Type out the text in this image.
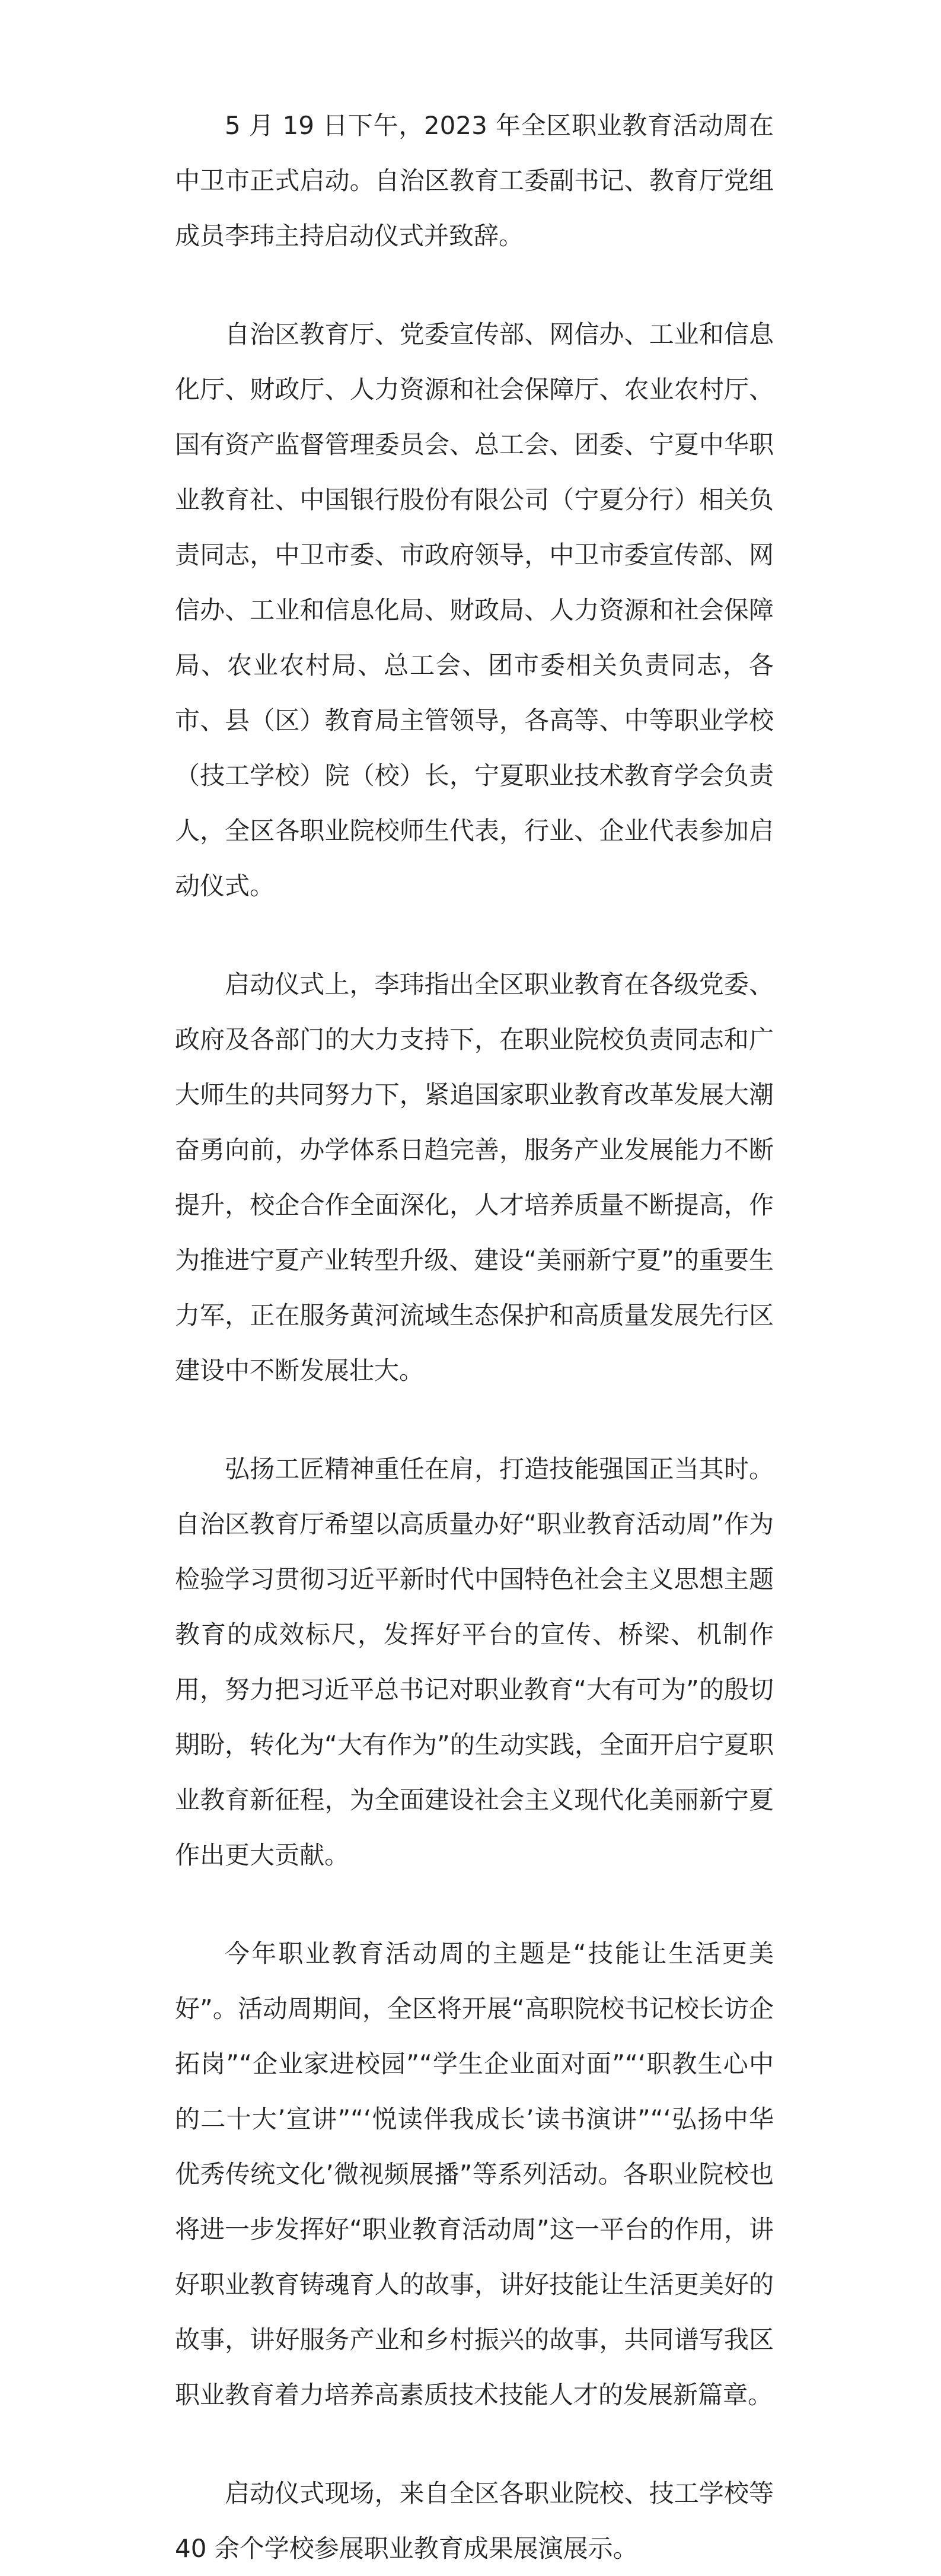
5 月 19 日下午，2023 年全区职业教育活动周在中卫市正式启动。自治区教育工委副书记、教育厅党组成员李玮主持启动仪式并致辞。

自治区教育厅、党委宣传部、网信办、工业和信息化厅、财政厅、人力资源和社会保障厅、农业农村厅、国有资产监督管理委员会、总工会、团委、宁夏中华职业教育社、中国银行股份有限公司（宁夏分行）相关负责同志，中卫市委、市政府领导，中卫市委宣传部、网信办、工业和信息化局、财政局、人力资源和社会保障局、农业农村局、总工会、团市委相关负责同志，各市、县（区）教育局主管领导，各高等、中等职业学校（技工学校）院（校）长，宁夏职业技术教育学会负责人，全区各职业院校师生代表，行业、企业代表参加启动仪式。

启动仪式上，李玮指出全区职业教育在各级党委、政府及各部门的大力支持下，在职业院校负责同志和广大师生的共同努力下，紧追国家职业教育改革发展大潮奋勇向前，办学体系日趋完善，服务产业发展能力不断提升，校企合作全面深化，人才培养质量不断提高，作为推进宁夏产业转型升级、建设“美丽新宁夏”的重要生力军，正在服务黄河流域生态保护和高质量发展先行区建设中不断发展壮大。

弘扬工匠精神重任在肩，打造技能强国正当其时。自治区教育厅希望以高质量办好“职业教育活动周”作为检验学习贯彻习近平新时代中国特色社会主义思想主题教育的成效标尺，发挥好平台的宣传、桥梁、机制作用，努力把习近平总书记对职业教育“大有可为”的殷切期盼，转化为“大有作为”的生动实践，全面开启宁夏职业教育新征程，为全面建设社会主义现代化美丽新宁夏作出更大贡献。

今年职业教育活动周的主题是“技能让生活更美好”。活动周期间，全区将开展“高职院校书记校长访企拓岗”“企业家进校园”“学生企业面对面”“‘职教生心中的二十大’宣讲”“‘悦读伴我成长’读书演讲”“‘弘扬中华优秀传统文化’微视频展播”等系列活动。各职业院校也将进一步发挥好“职业教育活动周”这一平台的作用，讲好职业教育铸魂育人的故事，讲好技能让生活更美好的故事，讲好服务产业和乡村振兴的故事，共同谱写我区职业教育着力培养高素质技术技能人才的发展新篇章。

启动仪式现场，来自全区各职业院校、技工学校等 40 余个学校参展职业教育成果展演展示。
